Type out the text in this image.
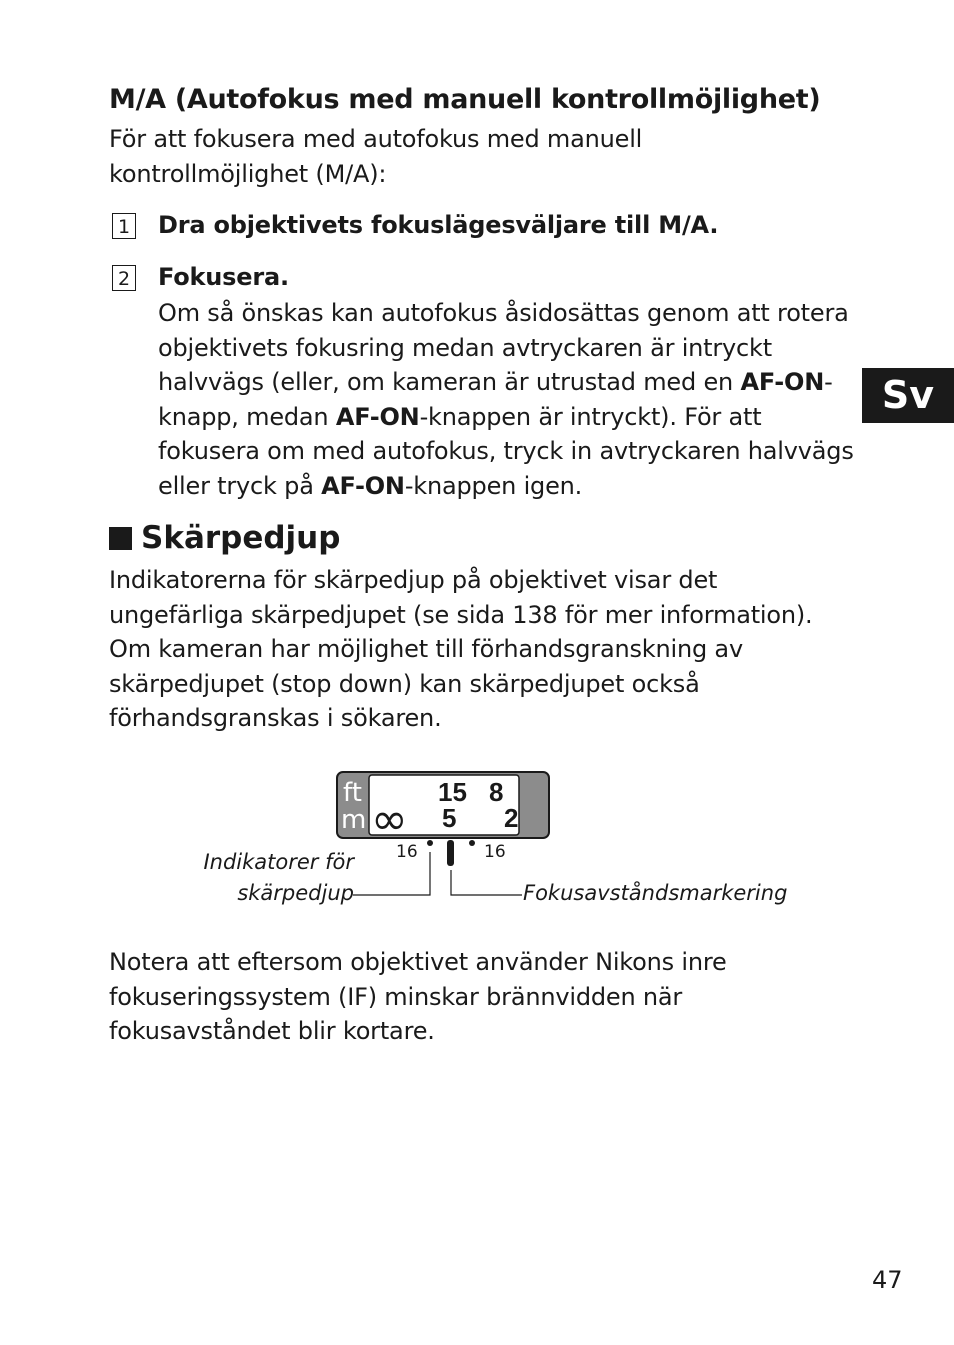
M/A (Autofokus med manuell kontrollmöjlighet)
För att fokusera med autofokus med manuell
kontrollmöjlighet (M/A):
1 Dra objektivets fokuslägesväljare till M/A.
2 Fokusera.
Om så önskas kan autofokus åsidosättas genom att rotera
objektivets fokusring medan avtryckaren är intryckt
halvvägs (eller, om kameran är utrustad med en AF-ON-
knapp, medan AF-ON-knappen är intryckt). För att
fokusera om med autofokus, tryck in avtryckaren halvvägs
eller tryck på AF-ON-knappen igen.
Skärpedjup
Indikatorerna för skärpedjup på objektivet visar det
ungefärliga skärpedjupet (se sida 138 för mer information).
Om kameran har möjlighet till förhandsgranskning av
skärpedjupet (stop down) kan skärpedjupet också
förhandsgranskas i sökaren.
ft
m ∞
15 8
5 2
16	16
Indikatorer för
skärpedjup	Fokusavståndsmarkering
Notera att eftersom objektivet använder Nikons inre
fokuseringssystem (IF) minskar brännvidden när
fokusavståndet blir kortare.
Sv
47
